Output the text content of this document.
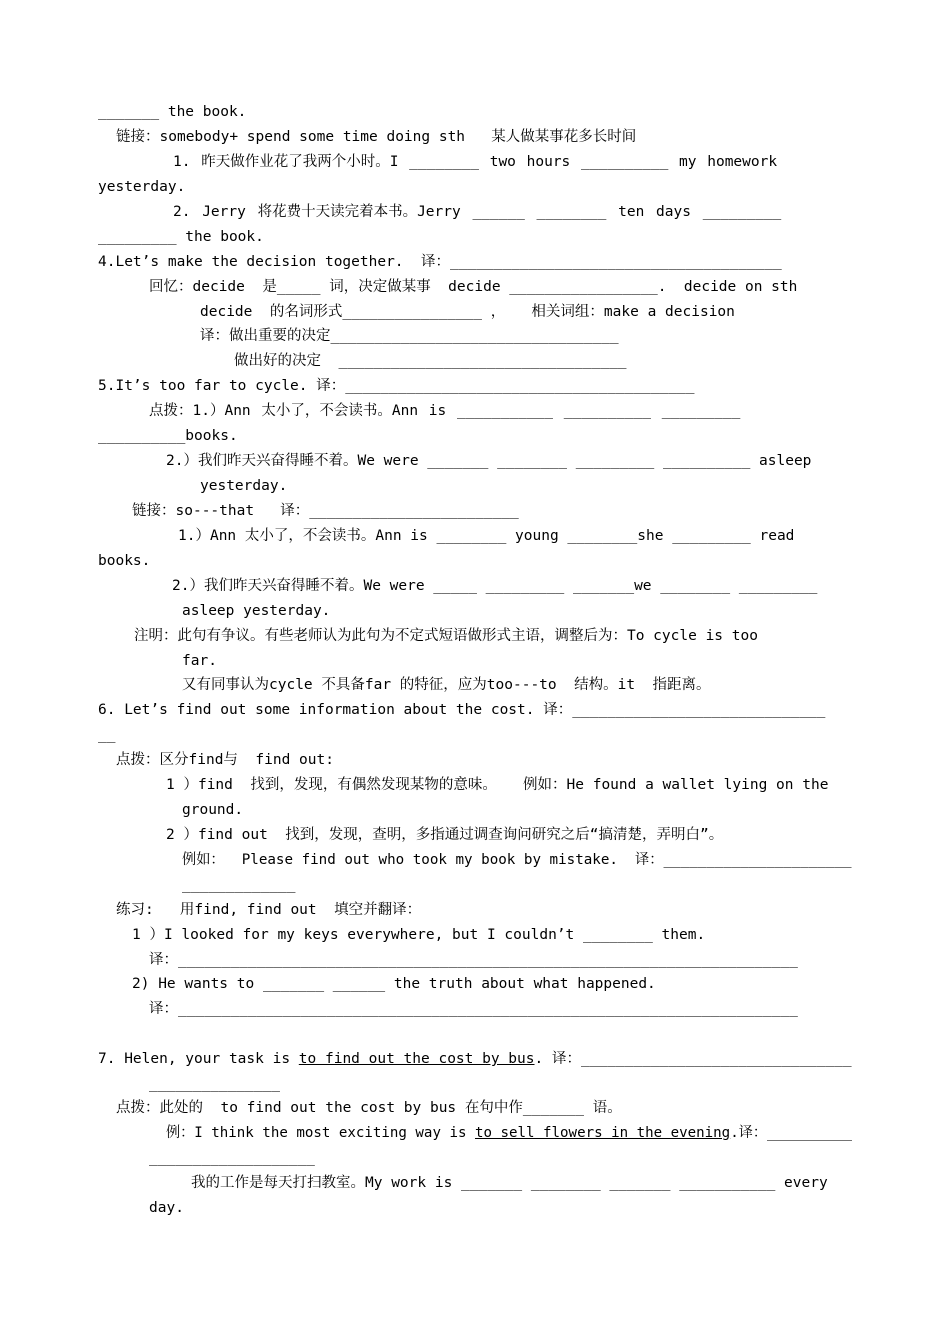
_______ the book.
链接：somebody+ spend some time doing sth   某人做某事花多长时间
1. 昨天做作业花了我两个小时。I ________ two hours __________ my homework
yesterday.
2. Jerry 将花费十天读完着本书。Jerry ______ ________ ten days _________
_________ the book.
4.Let’s make the decision together.  译：______________________________________
回忆：decide  是_____ 词，决定做某事  decide _________________.  decide on sth
decide  的名词形式________________ ，   相关词组：make a decision
译：做出重要的决定_________________________________
做出好的决定  _________________________________
5.It’s too far to cycle. 译：________________________________________
点拨：1.）Ann 太小了，不会读书。Ann is ___________ __________ _________
__________books.
2.）我们昨天兴奋得睡不着。We were _______ ________ _________ __________ asleep
yesterday.
链接：so---that   译：________________________
1.）Ann 太小了，不会读书。Ann is ________ young ________she _________ read
books.
2.）我们昨天兴奋得睡不着。We were _____ _________ _______we ________ _________
asleep yesterday.
注明：此句有争议。有些老师认为此句为不定式短语做形式主语，调整后为：To cycle is too
far.
又有同事认为cycle 不具备far 的特征，应为too---to  结构。it  指距离。
6. Let’s find out some information about the cost. 译：_____________________________
__
点拨：区分find与  find out:
1 ）find  找到，发现，有偶然发现某物的意味。   例如：He found a wallet lying on the
ground.
2 ）find out  找到，发现，查明，多指通过调查询问研究之后“搞清楚，弄明白”。
例如：  Please find out who took my book by mistake.  译：______________________
_____________
练习:   用find, find out  填空并翻译：
1 ）I looked for my keys everywhere, but I couldn’t ________ them.
译：_______________________________________________________________________
2) He wants to _______ ______ the truth about what happened.
译：_______________________________________________________________________
7. Helen, your task is to find out the cost by bus. 译：_______________________________
_______________
点拨：此处的  to find out the cost by bus 在句中作_______ 语。
例：I think the most exciting way is to sell flowers in the evening.译：__________
___________________
我的工作是每天打扫教室。My work is _______ ________ _______ ___________ every
day.
